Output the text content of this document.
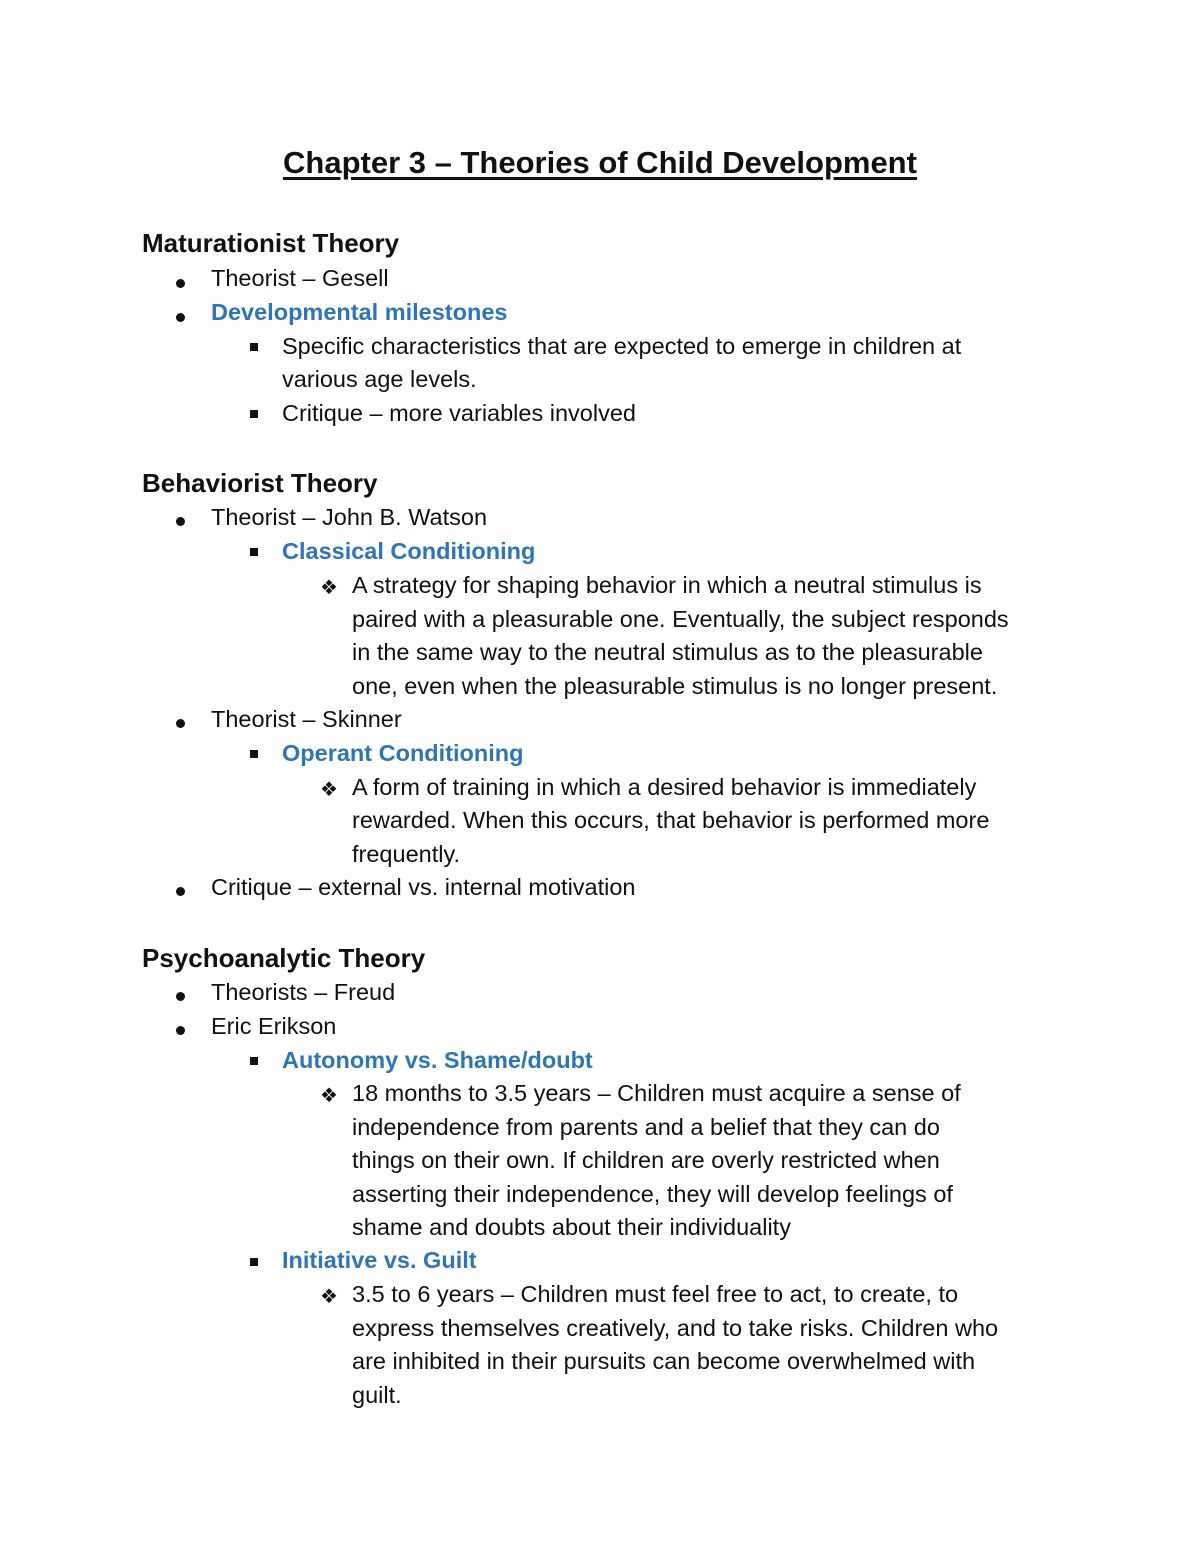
Chapter 3 – Theories of Child Development
Maturationist Theory
Theorist – Gesell
Developmental milestones
Specific characteristics that are expected to emerge in children at
various age levels.
Critique – more variables involved
Behaviorist Theory
Theorist – John B. Watson
Classical Conditioning
❖ A strategy for shaping behavior in which a neutral stimulus is
paired with a pleasurable one. Eventually, the subject responds
in the same way to the neutral stimulus as to the pleasurable
one, even when the pleasurable stimulus is no longer present.
Theorist – Skinner
Operant Conditioning
❖ A form of training in which a desired behavior is immediately
rewarded. When this occurs, that behavior is performed more
frequently.
Critique – external vs. internal motivation
Psychoanalytic Theory
Theorists – Freud
Eric Erikson
Autonomy vs. Shame/doubt
❖ 18 months to 3.5 years – Children must acquire a sense of
independence from parents and a belief that they can do
things on their own. If children are overly restricted when
asserting their independence, they will develop feelings of
shame and doubts about their individuality
Initiative vs. Guilt
❖ 3.5 to 6 years – Children must feel free to act, to create, to
express themselves creatively, and to take risks. Children who
are inhibited in their pursuits can become overwhelmed with
guilt.
